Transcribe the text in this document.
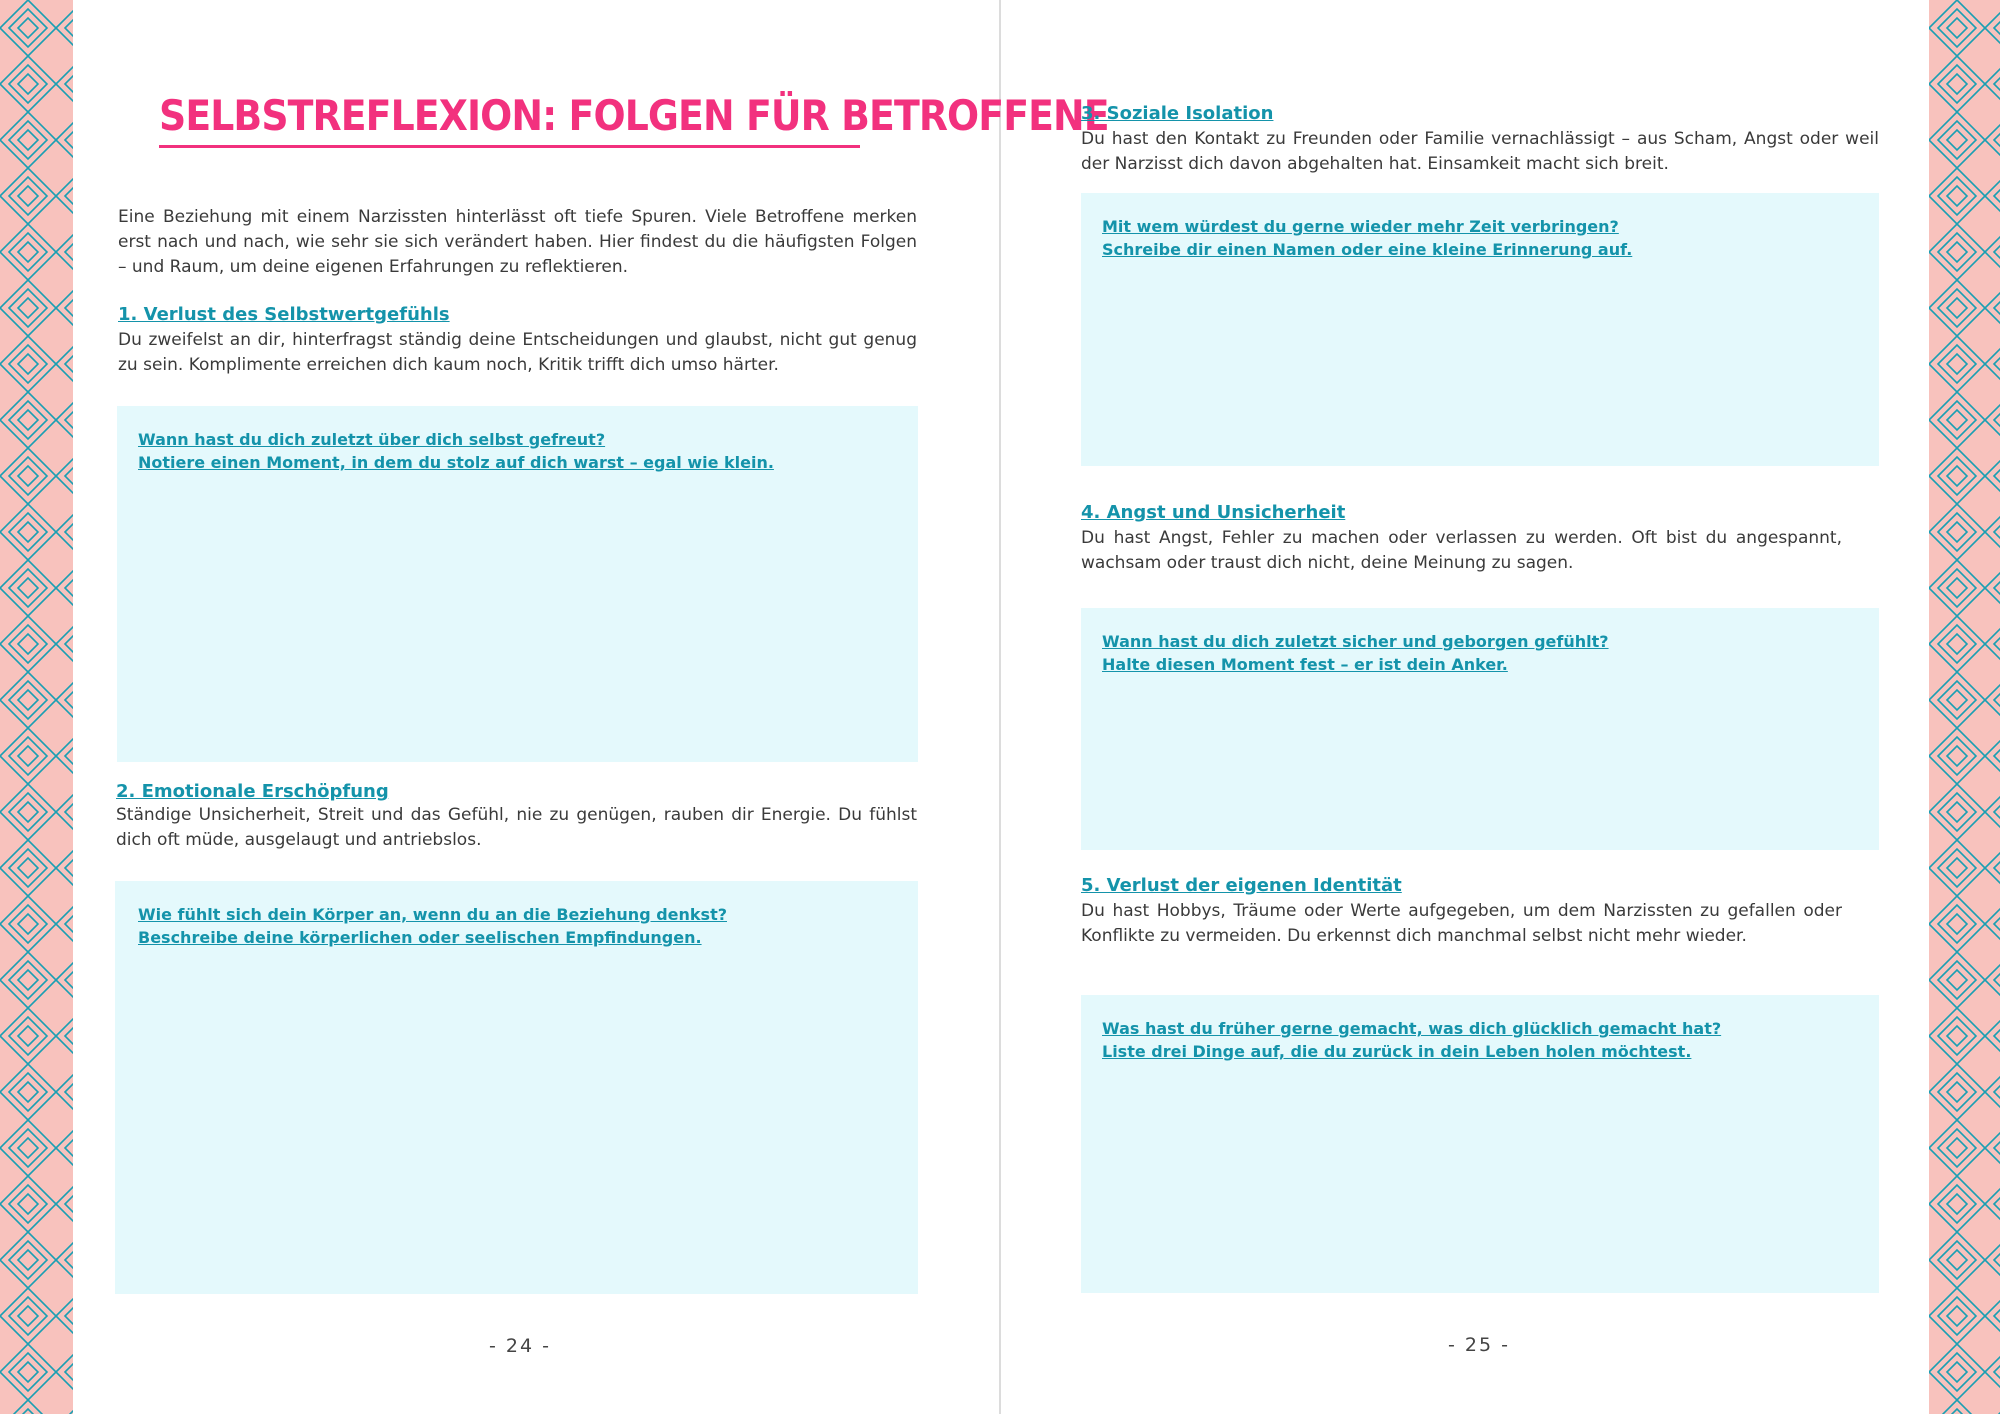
SELBSTREFLEXION: FOLGEN FÜR BETROFFENE

Eine Beziehung mit einem Narzissten hinterlässt oft tiefe Spuren. Viele Betroffene merken erst nach und nach, wie sehr sie sich verändert haben. Hier findest du die häufigsten Folgen – und Raum, um deine eigenen Erfahrungen zu reflektieren.

1. Verlust des Selbstwertgefühls

Du zweifelst an dir, hinterfragst ständig deine Entscheidungen und glaubst, nicht gut genug zu sein. Komplimente erreichen dich kaum noch, Kritik trifft dich umso härter.

Wann hast du dich zuletzt über dich selbst gefreut?
Notiere einen Moment, in dem du stolz auf dich warst – egal wie klein.

2. Emotionale Erschöpfung

Ständige Unsicherheit, Streit und das Gefühl, nie zu genügen, rauben dir Energie. Du fühlst dich oft müde, ausgelaugt und antriebslos.

Wie fühlt sich dein Körper an, wenn du an die Beziehung denkst?
Beschreibe deine körperlichen oder seelischen Empfindungen.

- 24 -

3. Soziale Isolation

Du hast den Kontakt zu Freunden oder Familie vernachlässigt – aus Scham, Angst oder weil der Narzisst dich davon abgehalten hat. Einsamkeit macht sich breit.

Mit wem würdest du gerne wieder mehr Zeit verbringen?
Schreibe dir einen Namen oder eine kleine Erinnerung auf.

4. Angst und Unsicherheit

Du hast Angst, Fehler zu machen oder verlassen zu werden. Oft bist du angespannt, wachsam oder traust dich nicht, deine Meinung zu sagen.

Wann hast du dich zuletzt sicher und geborgen gefühlt?
Halte diesen Moment fest – er ist dein Anker.

5. Verlust der eigenen Identität

Du hast Hobbys, Träume oder Werte aufgegeben, um dem Narzissten zu gefallen oder Konflikte zu vermeiden. Du erkennst dich manchmal selbst nicht mehr wieder.

Was hast du früher gerne gemacht, was dich glücklich gemacht hat?
Liste drei Dinge auf, die du zurück in dein Leben holen möchtest.

- 25 -
